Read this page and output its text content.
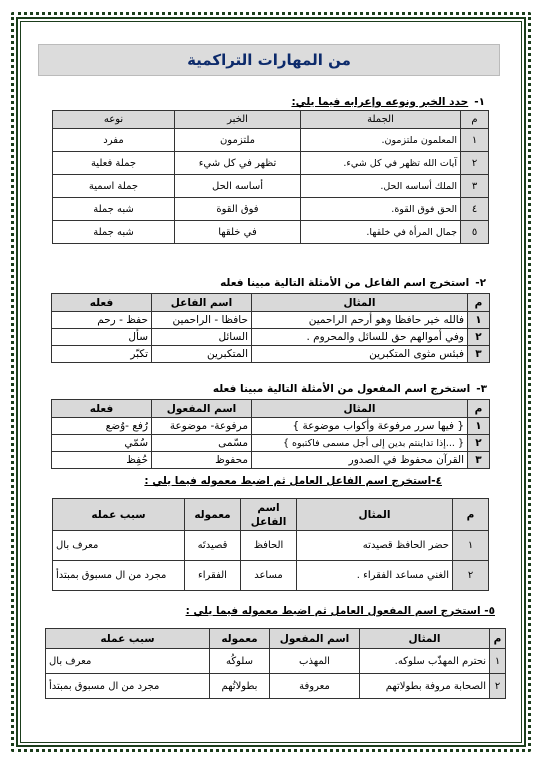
من المهارات التراكمية
١-حدد الخبر ونوعه وإعرابه فيما يلي:
م	الجملة	الخبر	نوعه
١	المعلمون ملتزمون.	ملتزمون	مفرد
٢	آيات الله تظهر في كل شيء.	تظهر في كل شيء	جملة فعلية
٣	الملك أساسه الحل.	أساسه الحل	جملة اسمية
٤	الحق فوق القوة.	فوق القوة	شبه جملة
٥	جمال المرأة في خلقها.	في خلقها	شبه جملة
٢-استخرج اسم الفاعل من الأمثلة التالية مبينا فعله
م	المثال	اسم الفاعل	فعله
١	فالله خير حافظا وهو أرحم الراحمين	حافظا - الراحمين	حفظ - رحم
٢	وفي أموالهم حق للسائل والمحروم .	السائل	سأل
٣	فبئس مثوى المتكبرين	المتكبرين	تكبّر
٣-استخرج اسم المفعول من الأمثلة التالية مبينا فعله
م	المثال	اسم المفعول	فعله
١	{ فيها سرر مرفوعة وأكواب موضوعة }	مرفوعة- موضوعة	رُفع -وُضع
٢	{ ...إذا تداينتم بدين إلى أجل مسمى فاكتبوه }	مسّمى	سُمّي
٣	القرآن محفوظ في الصدور	محفوظ	حُفِظ
٤-استخرج اسم الفاعل العامل ثم اضبط معموله فيما يلي :
م	المثال	اسم الفاعل	معموله	سبب عمله
١	حضر الحافظ قصيدته	الحافظ	قصيدتَه	معرف بال
٢	الغني مساعد الفقراء .	مساعد	الفقراء	مجرد من ال مسبوق بمبتدأ
٥- استخرج اسم المفعول العامل ثم اضبط معموله فيما يلي :
م	المثال	اسم المفعول	معموله	سبب عمله
١	نحترم المهذّب سلوكه.	المهذب	سلوكُه	معرف بال
٢	الصحابة مروفة بطولاتهم	معروفة	بطولاتُهم	مجرد من ال مسبوق بمبتدأ
